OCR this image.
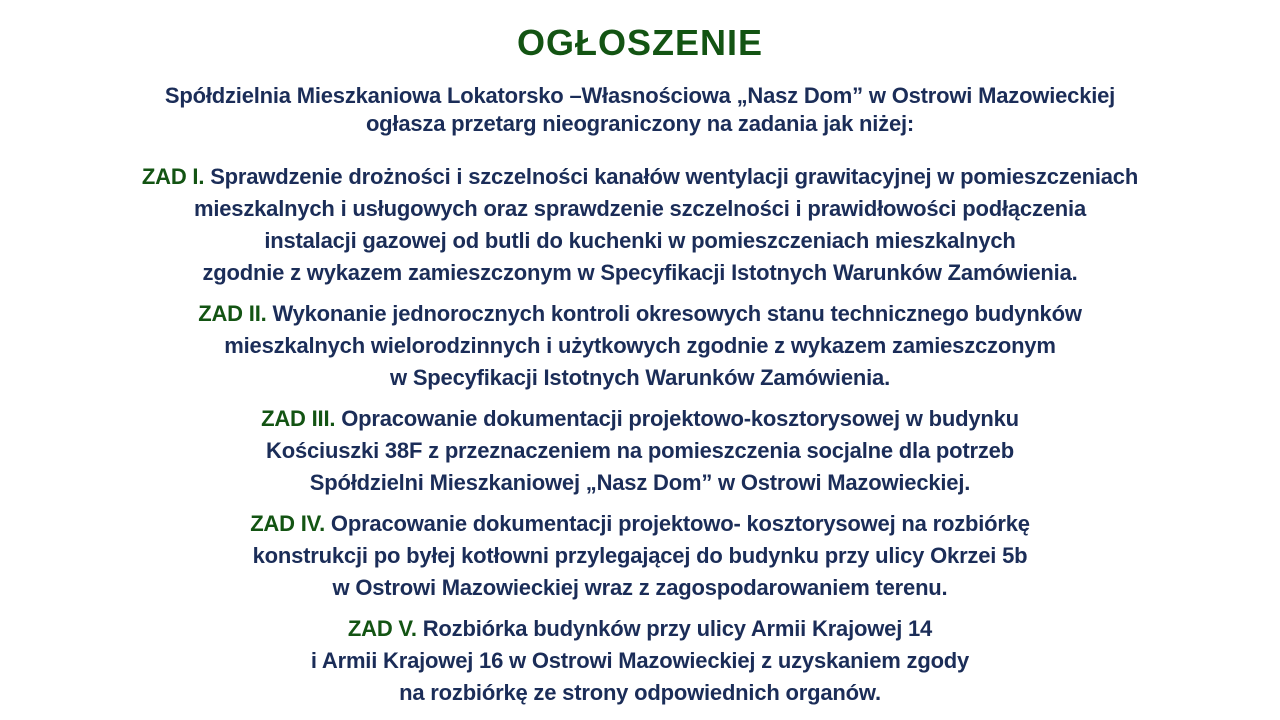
OGŁOSZENIE
Spółdzielnia Mieszkaniowa Lokatorsko –Własnościowa „Nasz Dom” w Ostrowi Mazowieckiej
ogłasza przetarg nieograniczony na zadania jak niżej:
ZAD I. Sprawdzenie drożności i szczelności kanałów wentylacji grawitacyjnej w pomieszczeniach
mieszkalnych i usługowych oraz sprawdzenie szczelności i prawidłowości podłączenia
instalacji gazowej od butli do kuchenki w pomieszczeniach mieszkalnych
zgodnie z wykazem zamieszczonym w Specyfikacji Istotnych Warunków Zamówienia.
ZAD II. Wykonanie jednorocznych kontroli okresowych stanu technicznego budynków
mieszkalnych wielorodzinnych i użytkowych zgodnie z wykazem zamieszczonym
w Specyfikacji Istotnych Warunków Zamówienia.
ZAD III. Opracowanie dokumentacji projektowo-kosztorysowej w budynku
Kościuszki 38F z przeznaczeniem na pomieszczenia socjalne dla potrzeb
Spółdzielni Mieszkaniowej „Nasz Dom” w Ostrowi Mazowieckiej.
ZAD IV. Opracowanie dokumentacji projektowo- kosztorysowej na rozbiórkę
konstrukcji po byłej kotłowni przylegającej do budynku przy ulicy Okrzei 5b
w Ostrowi Mazowieckiej wraz z zagospodarowaniem terenu.
ZAD V. Rozbiórka budynków przy ulicy Armii Krajowej 14
i Armii Krajowej 16 w Ostrowi Mazowieckiej z uzyskaniem zgody
na rozbiórkę ze strony odpowiednich organów.
